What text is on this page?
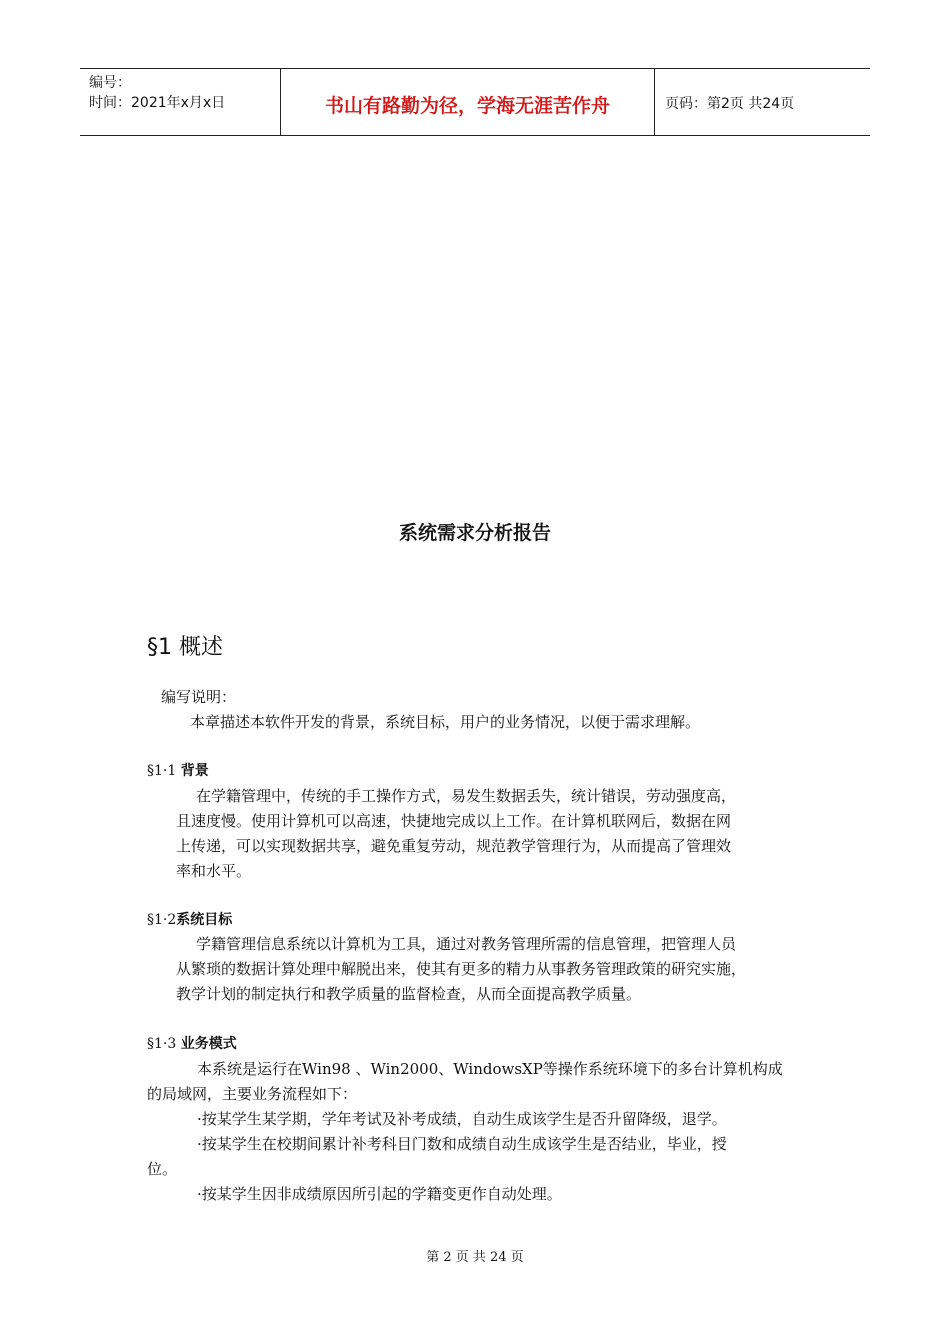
编号：
时间：2021年x月x日	书山有路勤为径，学海无涯苦作舟	页码：第2页 共24页
系统需求分析报告
§1 概述
编写说明：
本章描述本软件开发的背景，系统目标，用户的业务情况，以便于需求理解。
§1·1 背景
在学籍管理中，传统的手工操作方式，易发生数据丢失，统计错误，劳动强度高，
且速度慢。使用计算机可以高速，快捷地完成以上工作。在计算机联网后，数据在网
上传递，可以实现数据共享，避免重复劳动，规范教学管理行为，从而提高了管理效
率和水平。
§1·2系统目标
学籍管理信息系统以计算机为工具，通过对教务管理所需的信息管理，把管理人员
从繁琐的数据计算处理中解脱出来，使其有更多的精力从事教务管理政策的研究实施，
教学计划的制定执行和教学质量的监督检查，从而全面提高教学质量。
§1·3 业务模式
本系统是运行在Win98 、Win2000、WindowsXP等操作系统环境下的多台计算机构成
的局域网，主要业务流程如下：
·按某学生某学期，学年考试及补考成绩，自动生成该学生是否升留降级，退学。
·按某学生在校期间累计补考科目门数和成绩自动生成该学生是否结业，毕业，授
位。
·按某学生因非成绩原因所引起的学籍变更作自动处理。
第 2 页 共 24 页
